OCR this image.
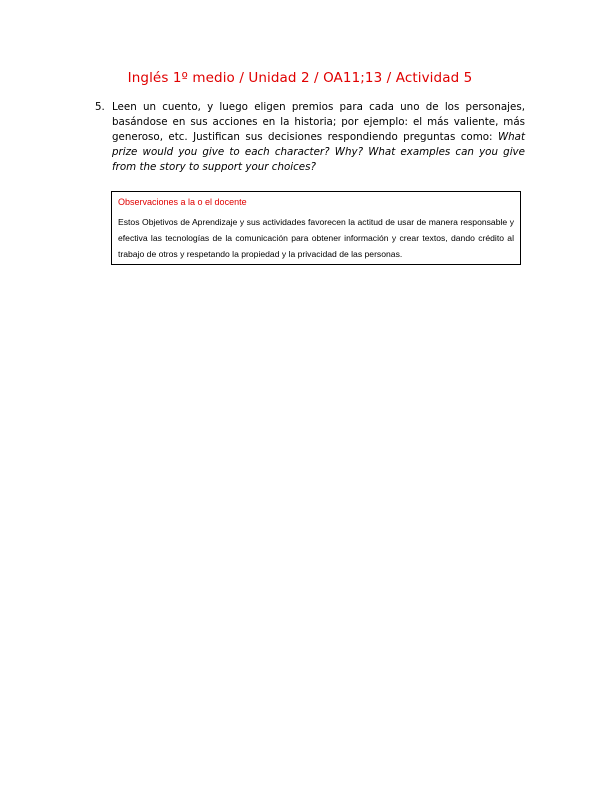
Inglés 1º medio / Unidad 2 / OA11;13 / Actividad 5
5. Leen un cuento, y luego eligen premios para cada uno de los personajes, basándose en sus acciones en la historia; por ejemplo: el más valiente, más generoso, etc. Justifican sus decisiones respondiendo preguntas como: What prize would you give to each character? Why? What examples can you give from the story to support your choices?
Observaciones a la o el docente
Estos Objetivos de Aprendizaje y sus actividades favorecen la actitud de usar de manera responsable y efectiva las tecnologías de la comunicación para obtener información y crear textos, dando crédito al trabajo de otros y respetando la propiedad y la privacidad de las personas.
